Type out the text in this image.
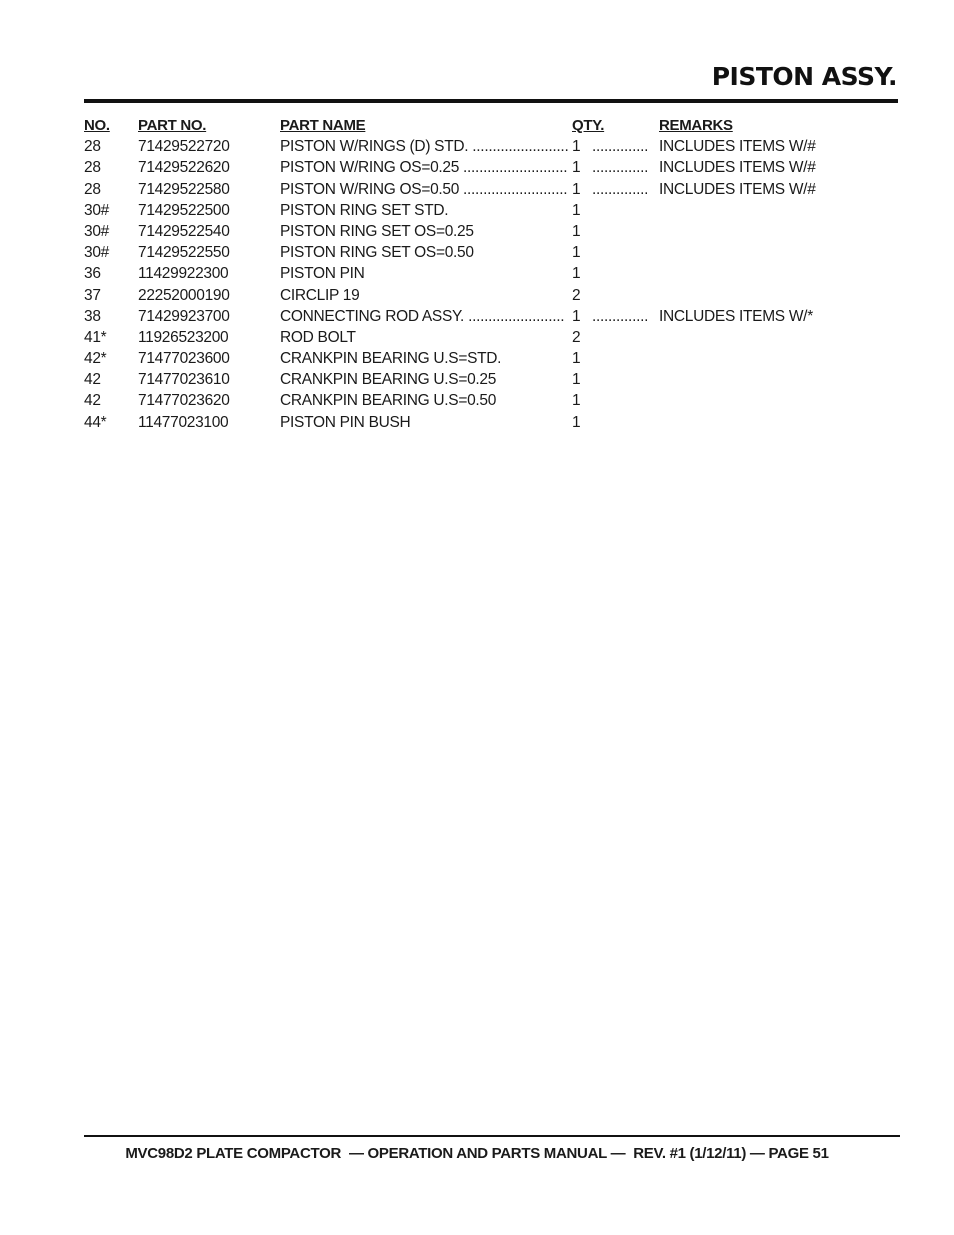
PISTON ASSY.
NO. PART NO.	PART NAME	QTY.	REMARKS
28 71429522720	PISTON W/RINGS (D) STD. ........................ 1 .............. INCLUDES ITEMS W/#
28 71429522620	PISTON W/RING OS=0.25 .......................... 1 .............. INCLUDES ITEMS W/#
28 71429522580	PISTON W/RING OS=0.50 .......................... 1 .............. INCLUDES ITEMS W/#
30# 71429522500	PISTON RING SET STD.	1
30# 71429522540	PISTON RING SET OS=0.25	1
30# 71429522550	PISTON RING SET OS=0.50	1
36 11429922300	PISTON PIN	1
37 22252000190	CIRCLIP 19	2
38 71429923700	CONNECTING ROD ASSY. ........................ 1 .............. INCLUDES ITEMS W/*
41* 11926523200	ROD BOLT	2
42* 71477023600	CRANKPIN BEARING U.S=STD.	1
42 71477023610	CRANKPIN BEARING U.S=0.25	1
42 71477023620	CRANKPIN BEARING U.S=0.50	1
44* 11477023100	PISTON PIN BUSH	1
MVC98D2 PLATE COMPACTOR — OPERATION AND PARTS MANUAL — REV. #1 (1/12/11) — PAGE 51
